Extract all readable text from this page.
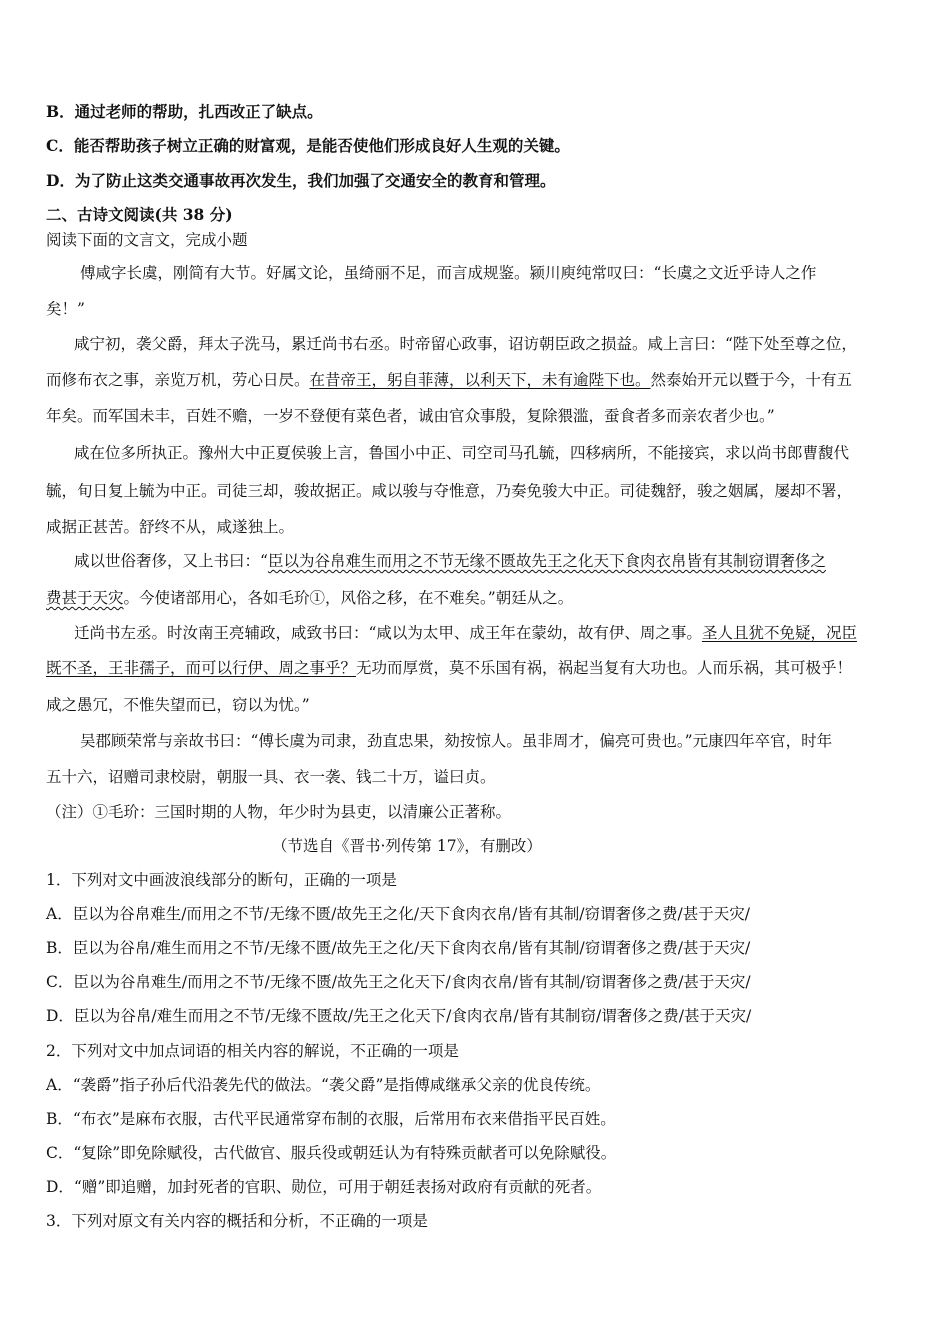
B．通过老师的帮助，扎西改正了缺点。
C．能否帮助孩子树立正确的财富观，是能否使他们形成良好人生观的关键。
D．为了防止这类交通事故再次发生，我们加强了交通安全的教育和管理。
二、古诗文阅读(共 38 分)
阅读下面的文言文，完成小题
傅咸字长虞，刚简有大节。好属文论，虽绮丽不足，而言成规鉴。颍川庾纯常叹曰：“长虞之文近乎诗人之作
矣！”
咸宁初，袭父爵，拜太子洗马，累迁尚书右丞。时帝留心政事，诏访朝臣政之损益。咸上言曰：“陛下处至尊之位，
而修布衣之事，亲览万机，劳心日昃。在昔帝王，躬自菲薄，以利天下，未有逾陛下也。然泰始开元以暨于今，十有五
年矣。而军国未丰，百姓不赡，一岁不登便有菜色者，诚由官众事殷，复除猥滥，蚕食者多而亲农者少也。”
咸在位多所执正。豫州大中正夏侯骏上言，鲁国小中正、司空司马孔毓，四移病所，不能接宾，求以尚书郎曹馥代
毓，旬日复上毓为中正。司徒三却，骏故据正。咸以骏与夺惟意，乃奏免骏大中正。司徒魏舒，骏之姻属，屡却不署，
咸据正甚苦。舒终不从，咸遂独上。
咸以世俗奢侈，又上书曰：“臣以为谷帛难生而用之不节无缘不匮故先王之化天下食肉衣帛皆有其制窃谓奢侈之
费甚于天灾。今使诸部用心，各如毛玠①，风俗之移，在不难矣。”朝廷从之。
迁尚书左丞。时汝南王亮辅政，咸致书曰：“咸以为太甲、成王年在蒙幼，故有伊、周之事。圣人且犹不免疑，况臣
既不圣，王非孺子，而可以行伊、周之事乎？无功而厚赏，莫不乐国有祸，祸起当复有大功也。人而乐祸，其可极乎！
咸之愚冗，不惟失望而已，窃以为忧。”
吴郡顾荣常与亲故书曰：“傅长虞为司隶，劲直忠果，劾按惊人。虽非周才，偏亮可贵也。”元康四年卒官，时年
五十六，诏赠司隶校尉，朝服一具、衣一袭、钱二十万，谥曰贞。
（注）①毛玠：三国时期的人物，年少时为县吏，以清廉公正著称。
（节选自《晋书·列传第 17》，有删改）
1．下列对文中画波浪线部分的断句，正确的一项是
A．臣以为谷帛难生/而用之不节/无缘不匮/故先王之化/天下食肉衣帛/皆有其制/窃谓奢侈之费/甚于天灾/
B．臣以为谷帛/难生而用之不节/无缘不匮/故先王之化/天下食肉衣帛/皆有其制/窃谓奢侈之费/甚于天灾/
C．臣以为谷帛难生/而用之不节/无缘不匮/故先王之化天下/食肉衣帛/皆有其制/窃谓奢侈之费/甚于天灾/
D．臣以为谷帛/难生而用之不节/无缘不匮故/先王之化天下/食肉衣帛/皆有其制窃/谓奢侈之费/甚于天灾/
2．下列对文中加点词语的相关内容的解说，不正确的一项是
A．“袭爵”指子孙后代沿袭先代的做法。“袭父爵”是指傅咸继承父亲的优良传统。
B．“布衣”是麻布衣服，古代平民通常穿布制的衣服，后常用布衣来借指平民百姓。
C．“复除”即免除赋役，古代做官、服兵役或朝廷认为有特殊贡献者可以免除赋役。
D．“赠”即追赠，加封死者的官职、勋位，可用于朝廷表扬对政府有贡献的死者。
3．下列对原文有关内容的概括和分析，不正确的一项是
